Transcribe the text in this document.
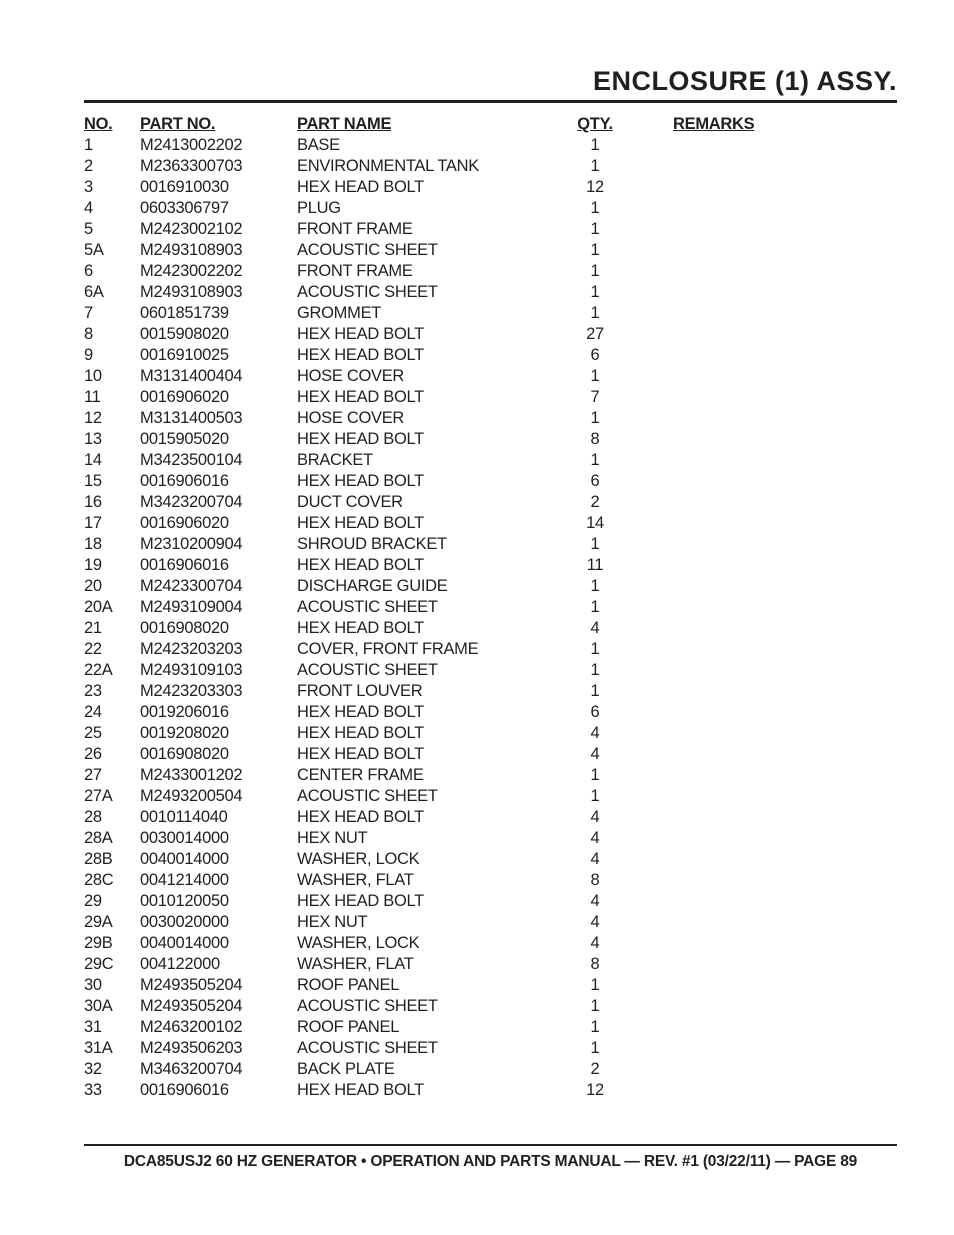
ENCLOSURE (1) ASSY.
NO. PART NO.	PART NAME	QTY.	REMARKS
1	M2413002202	BASE	1
2	M2363300703	ENVIRONMENTAL TANK	1
3	0016910030	HEX HEAD BOLT	12
4	0603306797	PLUG	1
5	M2423002102	FRONT FRAME	1
5A M2493108903	ACOUSTIC SHEET	1
6	M2423002202	FRONT FRAME	1
6A M2493108903	ACOUSTIC SHEET	1
7	0601851739	GROMMET	1
8	0015908020	HEX HEAD BOLT	27
9	0016910025	HEX HEAD BOLT	6
10 M3131400404	HOSE COVER	1
11 0016906020	HEX HEAD BOLT	7
12 M3131400503	HOSE COVER	1
13 0015905020	HEX HEAD BOLT	8
14 M3423500104	BRACKET	1
15 0016906016	HEX HEAD BOLT	6
16 M3423200704	DUCT COVER	2
17 0016906020	HEX HEAD BOLT	14
18 M2310200904	SHROUD BRACKET	1
19 0016906016	HEX HEAD BOLT	11
20 M2423300704	DISCHARGE GUIDE	1
20A M2493109004	ACOUSTIC SHEET	1
21 0016908020	HEX HEAD BOLT	4
22 M2423203203	COVER, FRONT FRAME	1
22A M2493109103	ACOUSTIC SHEET	1
23 M2423203303	FRONT LOUVER	1
24 0019206016	HEX HEAD BOLT	6
25 0019208020	HEX HEAD BOLT	4
26 0016908020	HEX HEAD BOLT	4
27 M2433001202	CENTER FRAME	1
27A M2493200504	ACOUSTIC SHEET	1
28 0010114040	HEX HEAD BOLT	4
28A 0030014000	HEX NUT	4
28B 0040014000	WASHER, LOCK	4
28C 0041214000	WASHER, FLAT	8
29 0010120050	HEX HEAD BOLT	4
29A 0030020000	HEX NUT	4
29B 0040014000	WASHER, LOCK	4
29C 004122000	WASHER, FLAT	8
30 M2493505204	ROOF PANEL	1
30A M2493505204	ACOUSTIC SHEET	1
31 M2463200102	ROOF PANEL	1
31A M2493506203	ACOUSTIC SHEET	1
32 M3463200704	BACK PLATE	2
33 0016906016	HEX HEAD BOLT	12
DCA85USJ2 60 HZ GENERATOR • OPERATION AND PARTS MANUAL — REV. #1 (03/22/11) — PAGE 89
